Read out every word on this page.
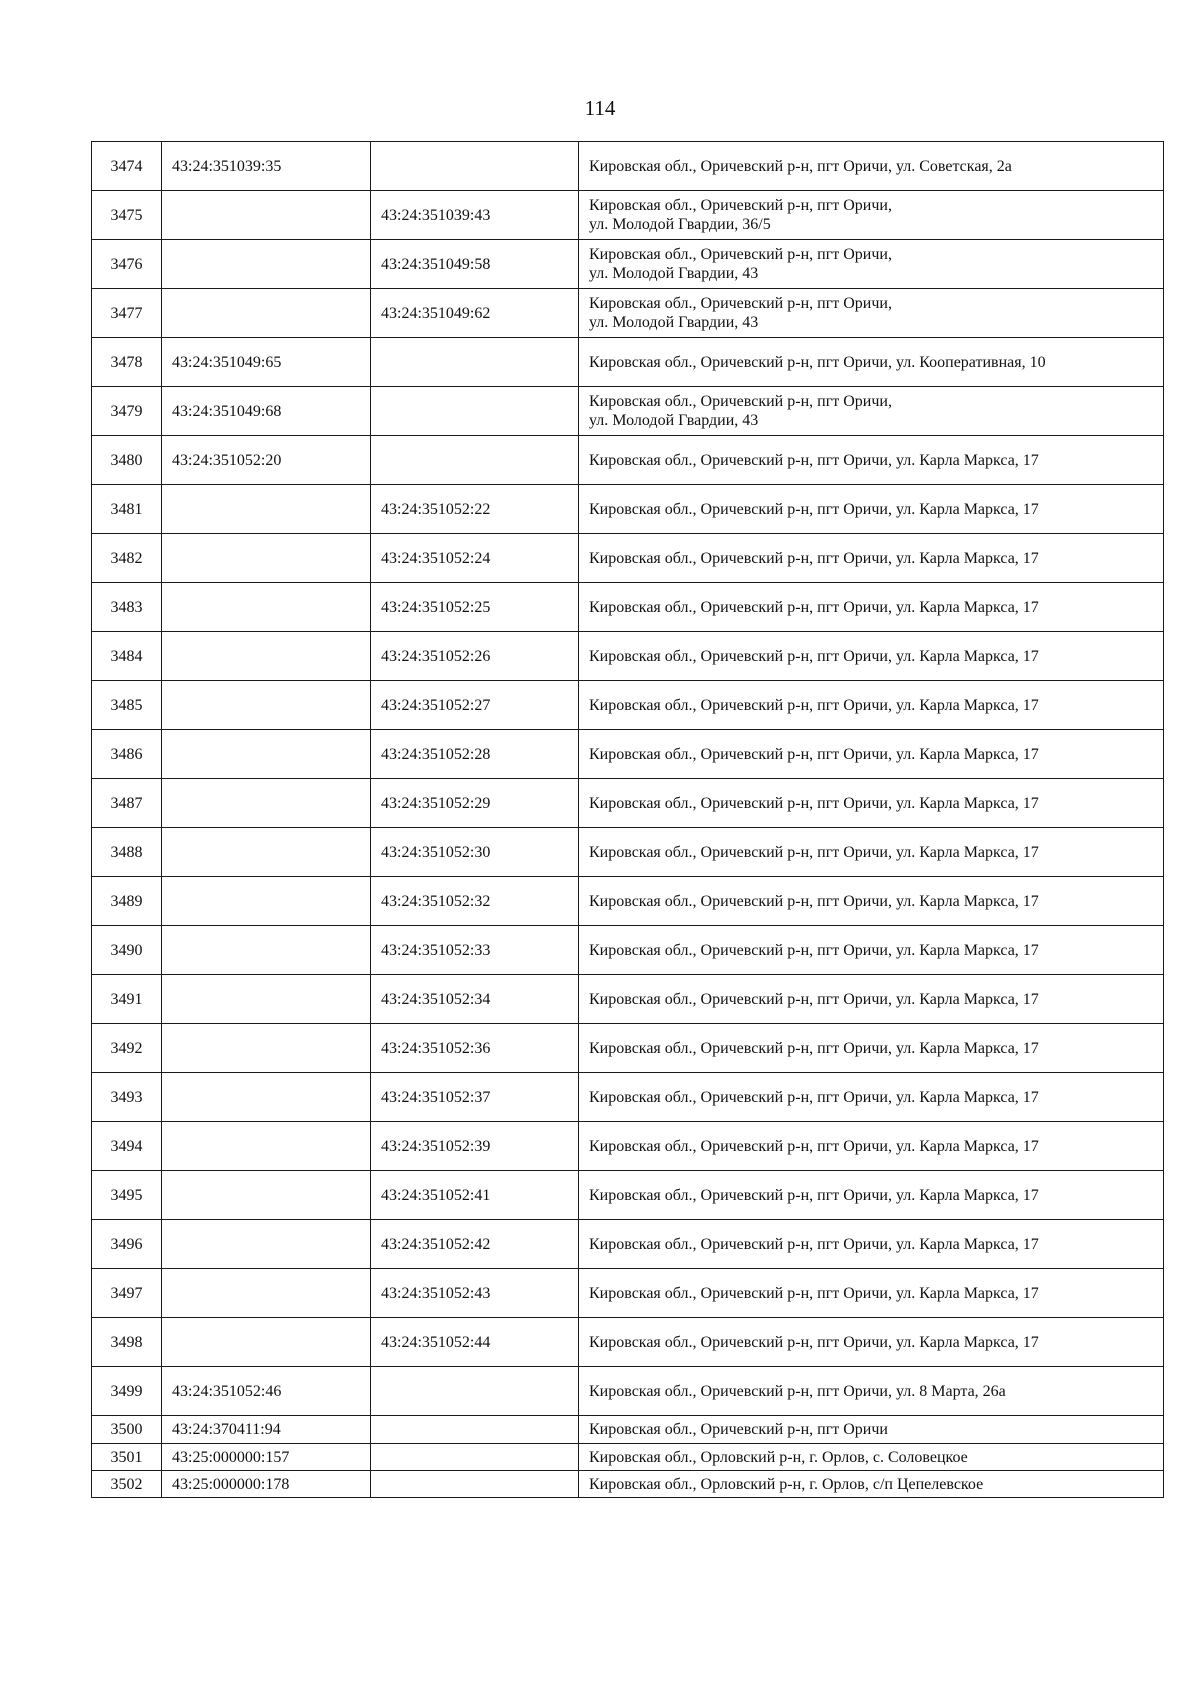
114
3474	43:24:351039:35		Кировская обл., Оричевский р-н, пгт Оричи, ул. Советская, 2а

3475		43:24:351039:43	Кировская обл., Оричевский р-н, пгт Оричи,
ул. Молодой Гвардии, 36/5

3476		43:24:351049:58	Кировская обл., Оричевский р-н, пгт Оричи,
ул. Молодой Гвардии, 43

3477		43:24:351049:62	Кировская обл., Оричевский р-н, пгт Оричи,
ул. Молодой Гвардии, 43

3478	43:24:351049:65		Кировская обл., Оричевский р-н, пгт Оричи, ул. Кооперативная, 10

3479	43:24:351049:68		Кировская обл., Оричевский р-н, пгт Оричи,
ул. Молодой Гвардии, 43

3480	43:24:351052:20		Кировская обл., Оричевский р-н, пгт Оричи, ул. Карла Маркса, 17

3481		43:24:351052:22	Кировская обл., Оричевский р-н, пгт Оричи, ул. Карла Маркса, 17

3482		43:24:351052:24	Кировская обл., Оричевский р-н, пгт Оричи, ул. Карла Маркса, 17

3483		43:24:351052:25	Кировская обл., Оричевский р-н, пгт Оричи, ул. Карла Маркса, 17

3484		43:24:351052:26	Кировская обл., Оричевский р-н, пгт Оричи, ул. Карла Маркса, 17

3485		43:24:351052:27	Кировская обл., Оричевский р-н, пгт Оричи, ул. Карла Маркса, 17

3486		43:24:351052:28	Кировская обл., Оричевский р-н, пгт Оричи, ул. Карла Маркса, 17

3487		43:24:351052:29	Кировская обл., Оричевский р-н, пгт Оричи, ул. Карла Маркса, 17

3488		43:24:351052:30	Кировская обл., Оричевский р-н, пгт Оричи, ул. Карла Маркса, 17

3489		43:24:351052:32	Кировская обл., Оричевский р-н, пгт Оричи, ул. Карла Маркса, 17

3490		43:24:351052:33	Кировская обл., Оричевский р-н, пгт Оричи, ул. Карла Маркса, 17

3491		43:24:351052:34	Кировская обл., Оричевский р-н, пгт Оричи, ул. Карла Маркса, 17

3492		43:24:351052:36	Кировская обл., Оричевский р-н, пгт Оричи, ул. Карла Маркса, 17

3493		43:24:351052:37	Кировская обл., Оричевский р-н, пгт Оричи, ул. Карла Маркса, 17

3494		43:24:351052:39	Кировская обл., Оричевский р-н, пгт Оричи, ул. Карла Маркса, 17

3495		43:24:351052:41	Кировская обл., Оричевский р-н, пгт Оричи, ул. Карла Маркса, 17

3496		43:24:351052:42	Кировская обл., Оричевский р-н, пгт Оричи, ул. Карла Маркса, 17

3497		43:24:351052:43	Кировская обл., Оричевский р-н, пгт Оричи, ул. Карла Маркса, 17

3498		43:24:351052:44	Кировская обл., Оричевский р-н, пгт Оричи, ул. Карла Маркса, 17

3499	43:24:351052:46		Кировская обл., Оричевский р-н, пгт Оричи, ул. 8 Марта, 26а

3500	43:24:370411:94		Кировская обл., Оричевский р-н, пгт Оричи

3501	43:25:000000:157		Кировская обл., Орловский р-н, г. Орлов, с. Соловецкое

3502	43:25:000000:178		Кировская обл., Орловский р-н, г. Орлов, с/п Цепелевское
